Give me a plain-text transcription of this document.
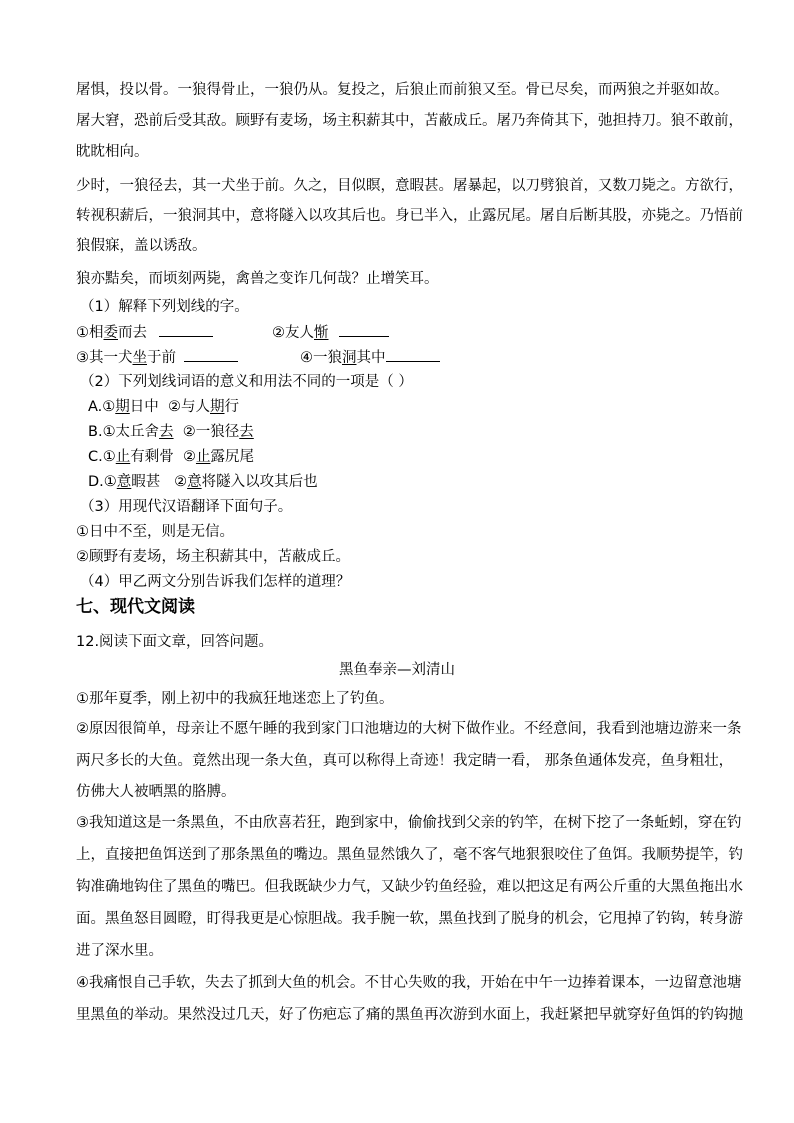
屠惧，投以骨。一狼得骨止，一狼仍从。复投之，后狼止而前狼又至。骨已尽矣，而两狼之并驱如故。
屠大窘，恐前后受其敌。顾野有麦场，场主积薪其中，苫蔽成丘。屠乃奔倚其下，弛担持刀。狼不敢前，
眈眈相向。
少时，一狼径去，其一犬坐于前。久之，目似瞑，意暇甚。屠暴起，以刀劈狼首，又数刀毙之。方欲行，
转视积薪后，一狼洞其中，意将隧入以攻其后也。身已半入，止露尻尾。屠自后断其股，亦毙之。乃悟前
狼假寐，盖以诱敌。
狼亦黠矣，而顷刻两毙，禽兽之变诈几何哉？止增笑耳。
（1）解释下列划线的字。
①相委而去	②友人惭
③其一犬坐于前	④一狼洞其中
（2）下列划线词语的意义和用法不同的一项是（ ）
A.①期日中 ②与人期行
B.①太丘舍去 ②一狼径去
C.①止有剩骨 ②止露尻尾
D.①意暇甚 ②意将隧入以攻其后也
（3）用现代汉语翻译下面句子。
①日中不至，则是无信。
②顾野有麦场，场主积薪其中，苫蔽成丘。
（4）甲乙两文分别告诉我们怎样的道理？
七、现代文阅读
12.阅读下面文章，回答问题。
黑鱼奉亲—刘清山
①那年夏季，刚上初中的我疯狂地迷恋上了钓鱼。
②原因很简单，母亲让不愿午睡的我到家门口池塘边的大树下做作业。不经意间，我看到池塘边游来一条
两尺多长的大鱼。竟然出现一条大鱼，真可以称得上奇迹！我定睛一看， 那条鱼通体发亮，鱼身粗壮，
仿佛大人被晒黑的胳膊。
③我知道这是一条黑鱼，不由欣喜若狂，跑到家中，偷偷找到父亲的钓竿，在树下挖了一条蚯蚓，穿在钓
上，直接把鱼饵送到了那条黑鱼的嘴边。黑鱼显然饿久了，毫不客气地狠狠咬住了鱼饵。我顺势提竿，钓
钩准确地钩住了黑鱼的嘴巴。但我既缺少力气，又缺少钓鱼经验，难以把这足有两公斤重的大黑鱼拖出水
面。黑鱼怒目圆瞪，盯得我更是心惊胆战。我手腕一软，黑鱼找到了脱身的机会，它甩掉了钓钩，转身游
进了深水里。
④我痛恨自己手软，失去了抓到大鱼的机会。不甘心失败的我，开始在中午一边捧着课本，一边留意池塘
里黑鱼的举动。果然没过几天，好了伤疤忘了痛的黑鱼再次游到水面上，我赶紧把早就穿好鱼饵的钓钩抛
